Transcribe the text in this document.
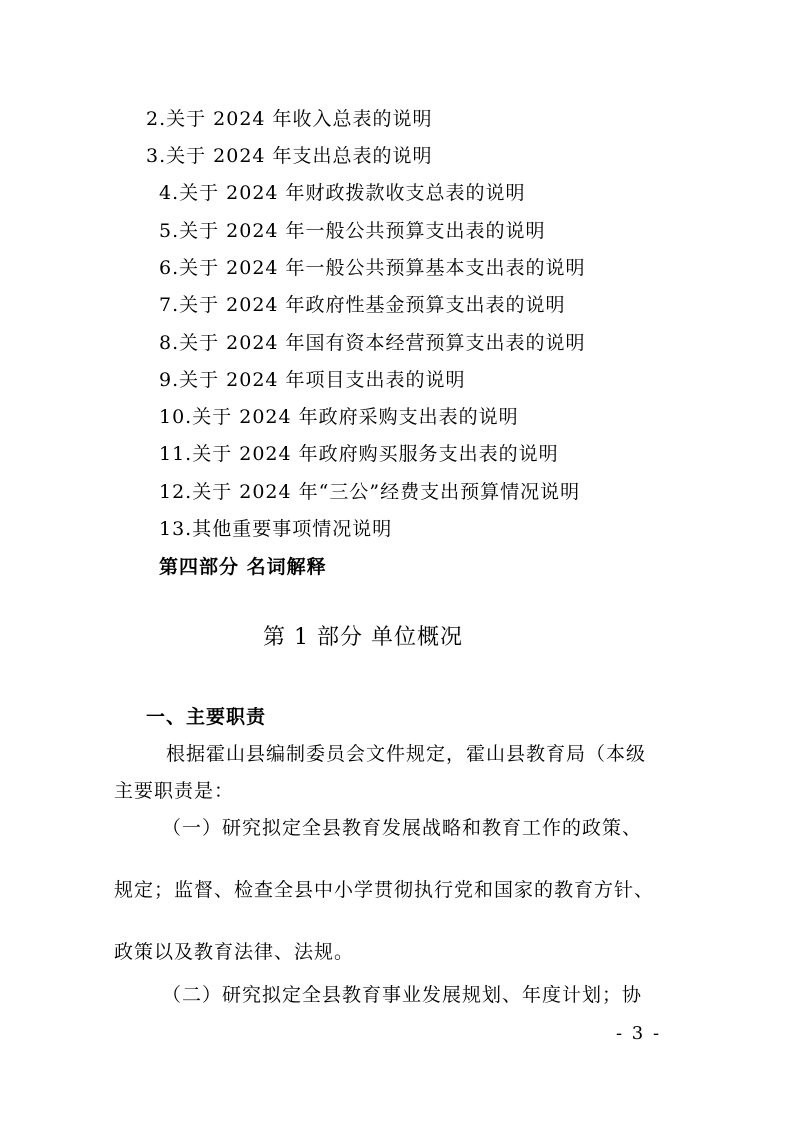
2.关于 2024 年收入总表的说明
3.关于 2024 年支出总表的说明
4.关于 2024 年财政拨款收支总表的说明
5.关于 2024 年一般公共预算支出表的说明
6.关于 2024 年一般公共预算基本支出表的说明
7.关于 2024 年政府性基金预算支出表的说明
8.关于 2024 年国有资本经营预算支出表的说明
9.关于 2024 年项目支出表的说明
10.关于 2024 年政府采购支出表的说明
11.关于 2024 年政府购买服务支出表的说明
12.关于 2024 年“三公”经费支出预算情况说明
13.其他重要事项情况说明
第四部分 名词解释
第 1 部分 单位概况
一、主要职责
根据霍山县编制委员会文件规定，霍山县教育局（本级
主要职责是：
（一）研究拟定全县教育发展战略和教育工作的政策、
规定；监督、检查全县中小学贯彻执行党和国家的教育方针、
政策以及教育法律、法规。
（二）研究拟定全县教育事业发展规划、年度计划；协
- 3 -
